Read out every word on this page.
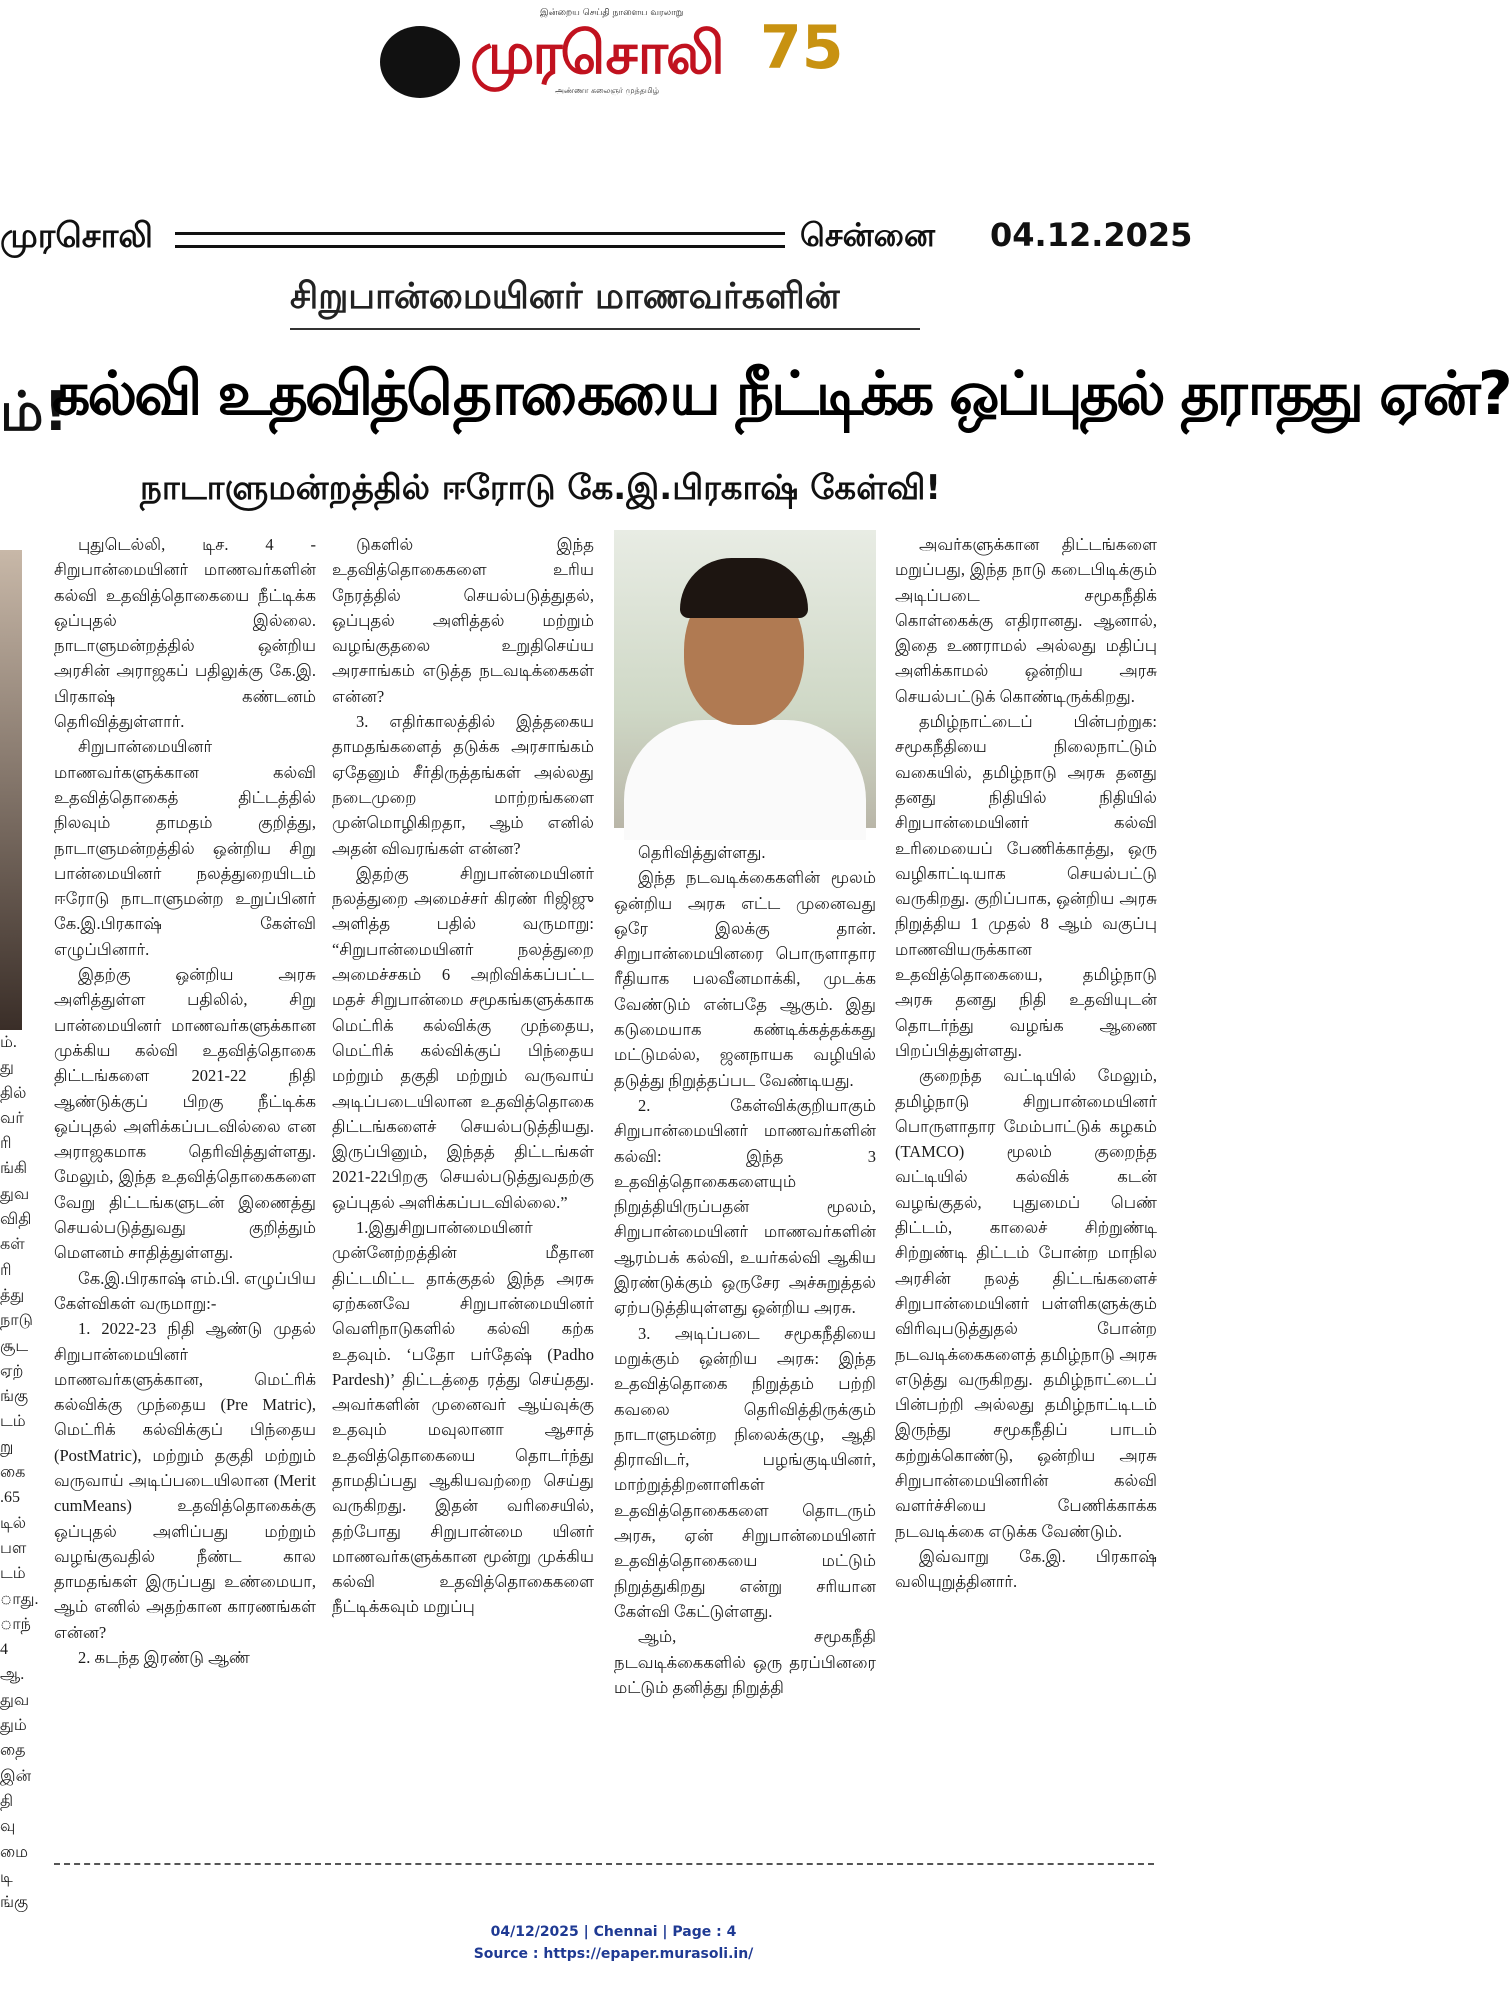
இன்றைய செய்தி நாளைய வரலாறு
முரசொலி
அண்ணா கலைஞர் முத்தமிழ்
75
முரசொலி	சென்னை 04.12.2025
ம்!
ம்.
து
தில்
வர்
ரி
ங்கி
துவ
விதி
கள்
ரி
த்து
நாடு
சூட
ஏற்
ங்கு
டம்
று
கை
.65
டில்
பள
டம்
ாது.
ாந்
4
ஆ.
துவ
தும்
தை
இன்
தி
வு
மை
டி
ங்கு
சிறுபான்மையினர் மாணவர்களின்
கல்வி உதவித்தொகையை நீட்டிக்க ஒப்புதல் தராதது ஏன்?
நாடாளுமன்றத்தில் ஈரோடு கே.இ.பிரகாஷ் கேள்வி!

புதுடெல்லி, டிச. 4 - சிறுபான்மையினர் மாணவர்களின் கல்வி உதவித்தொகையை நீட்டிக்க ஒப்புதல் இல்லை. நாடாளுமன்றத்தில் ஒன்றிய அரசின் அராஜகப் பதிலுக்கு கே.இ. பிரகாஷ் கண்டனம் தெரிவித்துள்ளார்.

சிறுபான்மையினர் மாணவர்களுக்கான கல்வி உதவித்தொகைத் திட்டத்தில் நிலவும் தாமதம் குறித்து, நாடாளுமன்றத்தில் ஒன்றிய சிறு பான்மையினர் நலத்துறையிடம் ஈரோடு நாடாளுமன்ற உறுப்பினர் கே.இ.பிரகாஷ் கேள்வி எழுப்பினார்.

இதற்கு ஒன்றிய அரசு அளித்துள்ள பதிலில், சிறு பான்மையினர் மாணவர்களுக்கான முக்கிய கல்வி உதவித்தொகை திட்டங்களை 2021-22 நிதி ஆண்டுக்குப் பிறகு நீட்டிக்க ஒப்புதல் அளிக்கப்படவில்லை என அராஜகமாக தெரிவித்துள்ளது. மேலும், இந்த உதவித்தொகைகளை வேறு திட்டங்களுடன் இணைத்து செயல்படுத்துவது குறித்தும் மௌனம் சாதித்துள்ளது.

கே.இ.பிரகாஷ் எம்.பி. எழுப்பிய கேள்விகள் வருமாறு:-

1. 2022-23 நிதி ஆண்டு முதல் சிறுபான்மையினர் மாணவர்களுக்கான, மெட்ரிக் கல்விக்கு முந்தைய (Pre Matric), மெட்ரிக் கல்விக்குப் பிந்தைய (PostMatric), மற்றும் தகுதி மற்றும் வருவாய் அடிப்படையிலான (Merit cumMeans) உதவித்தொகைக்கு ஒப்புதல் அளிப்பது மற்றும் வழங்குவதில் நீண்ட கால தாமதங்கள் இருப்பது உண்மையா, ஆம் எனில் அதற்கான காரணங்கள் என்ன?

2. கடந்த இரண்டு ஆண்

டுகளில் இந்த உதவித்தொகைகளை உரிய நேரத்தில் செயல்படுத்துதல், ஒப்புதல் அளித்தல் மற்றும் வழங்குதலை உறுதிசெய்ய அரசாங்கம் எடுத்த நடவடிக்கைகள் என்ன?

3. எதிர்காலத்தில் இத்தகைய தாமதங்களைத் தடுக்க அரசாங்கம் ஏதேனும் சீர்திருத்தங்கள் அல்லது நடைமுறை மாற்றங்களை முன்மொழிகிறதா, ஆம் எனில் அதன் விவரங்கள் என்ன?

இதற்கு சிறுபான்மையினர் நலத்துறை அமைச்சர் கிரண் ரிஜிஜு அளித்த பதில் வருமாறு: “சிறுபான்மையினர் நலத்துறை அமைச்சகம் 6 அறிவிக்கப்பட்ட மதச் சிறுபான்மை சமூகங்களுக்காக மெட்ரிக் கல்விக்கு முந்தைய, மெட்ரிக் கல்விக்குப் பிந்தைய மற்றும் தகுதி மற்றும் வருவாய் அடிப்படையிலான உதவித்தொகை திட்டங்களைச் செயல்படுத்தியது. இருப்பினும், இந்தத் திட்டங்கள் 2021-22பிறகு செயல்படுத்துவதற்கு ஒப்புதல் அளிக்கப்படவில்லை.”

1.இதுசிறுபான்மையினர் முன்னேற்றத்தின் மீதான திட்டமிட்ட தாக்குதல் இந்த அரசு ஏற்கனவே சிறுபான்மையினர் வெளிநாடுகளில் கல்வி கற்க உதவும். ‘பதோ பர்தேஷ் (Padho Pardesh)’ திட்டத்தை ரத்து செய்தது. அவர்களின் முனைவர் ஆய்வுக்கு உதவும் மவுலானா ஆசாத் உதவித்தொகையை தொடர்ந்து தாமதிப்பது ஆகியவற்றை செய்து வருகிறது. இதன் வரிசையில், தற்போது சிறுபான்மை யினர் மாணவர்களுக்கான மூன்று முக்கிய கல்வி உதவித்தொகைகளை நீட்டிக்கவும் மறுப்பு

தெரிவித்துள்ளது.

இந்த நடவடிக்கைகளின் மூலம் ஒன்றிய அரசு எட்ட முனைவது ஒரே இலக்கு தான். சிறுபான்மையினரை பொருளாதார ரீதியாக பலவீனமாக்கி, முடக்க வேண்டும் என்பதே ஆகும். இது கடுமையாக கண்டிக்கத்தக்கது மட்டுமல்ல, ஜனநாயக வழியில் தடுத்து நிறுத்தப்பட வேண்டியது.

2. கேள்விக்குறியாகும் சிறுபான்மையினர் மாணவர்களின் கல்வி: இந்த 3 உதவித்தொகைகளையும் நிறுத்தியிருப்பதன் மூலம், சிறுபான்மையினர் மாணவர்களின் ஆரம்பக் கல்வி, உயர்கல்வி ஆகிய இரண்டுக்கும் ஒருசேர அச்சுறுத்தல் ஏற்படுத்தியுள்ளது ஒன்றிய அரசு.

3. அடிப்படை சமூகநீதியை மறுக்கும் ஒன்றிய அரசு: இந்த உதவித்தொகை நிறுத்தம் பற்றி கவலை தெரிவித்திருக்கும் நாடாளுமன்ற நிலைக்குழு, ஆதி திராவிடர், பழங்குடியினர், மாற்றுத்திறனாளிகள் உதவித்தொகைகளை தொடரும் அரசு, ஏன் சிறுபான்மையினர் உதவித்தொகையை மட்டும் நிறுத்துகிறது என்று சரியான கேள்வி கேட்டுள்ளது.

ஆம், சமூகநீதி நடவடிக்கைகளில் ஒரு தரப்பினரை மட்டும் தனித்து நிறுத்தி

அவர்களுக்கான திட்டங்களை மறுப்பது, இந்த நாடு கடைபிடிக்கும் அடிப்படை சமூகநீதிக் கொள்கைக்கு எதிரானது. ஆனால், இதை உணராமல் அல்லது மதிப்பு அளிக்காமல் ஒன்றிய அரசு செயல்பட்டுக் கொண்டிருக்கிறது.

தமிழ்நாட்டைப் பின்பற்றுக: சமூகநீதியை நிலைநாட்டும் வகையில், தமிழ்நாடு அரசு தனது தனது நிதியில் நிதியில் சிறுபான்மையினர் கல்வி உரிமையைப் பேணிக்காத்து, ஒரு வழிகாட்டியாக செயல்பட்டு வருகிறது. குறிப்பாக, ஒன்றிய அரசு நிறுத்திய 1 முதல் 8 ஆம் வகுப்பு மாணவியருக்கான உதவித்தொகையை, தமிழ்நாடு அரசு தனது நிதி உதவியுடன் தொடர்ந்து வழங்க ஆணை பிறப்பித்துள்ளது.

குறைந்த வட்டியில் மேலும், தமிழ்நாடு சிறுபான்மையினர் பொருளாதார மேம்பாட்டுக் கழகம் (TAMCO) மூலம் குறைந்த வட்டியில் கல்விக் கடன் வழங்குதல், புதுமைப் பெண் திட்டம், காலைச் சிற்றுண்டி சிற்றுண்டி திட்டம் போன்ற மாநில அரசின் நலத் திட்டங்களைச் சிறுபான்மையினர் பள்ளிகளுக்கும் விரிவுபடுத்துதல் போன்ற நடவடிக்கைகளைத் தமிழ்நாடு அரசு எடுத்து வருகிறது. தமிழ்நாட்டைப் பின்பற்றி அல்லது தமிழ்நாட்டிடம் இருந்து சமூகநீதிப் பாடம் கற்றுக்கொண்டு, ஒன்றிய அரசு சிறுபான்மையினரின் கல்வி வளர்ச்சியை பேணிக்காக்க நடவடிக்கை எடுக்க வேண்டும்.

இவ்வாறு கே.இ. பிரகாஷ் வலியுறுத்தினார்.

04/12/2025 | Chennai | Page : 4
Source : https://epaper.murasoli.in/
